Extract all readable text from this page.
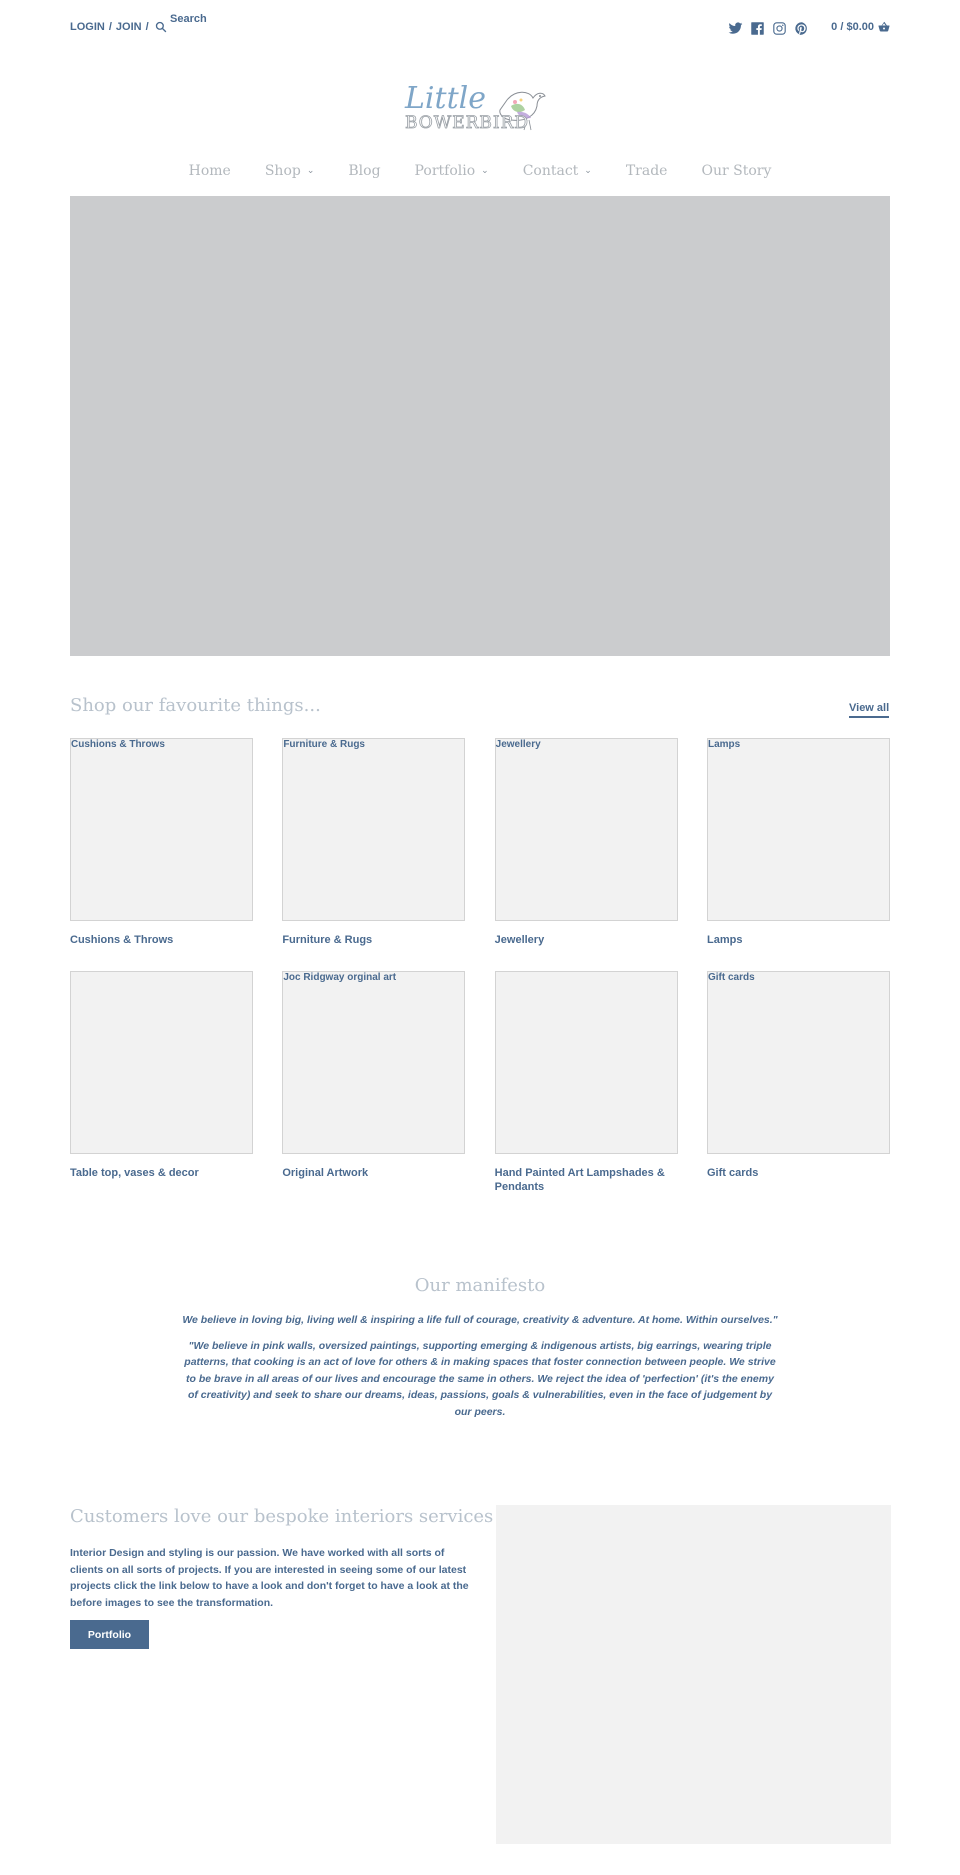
LOGIN / JOIN /
Search
0 / $0.00
Little
BOWERBIRD
Home Shop ⌄ Blog Portfolio ⌄ Contact ⌄ Trade Our Story
Shop our favourite things...	View all
Cushions & Throws
Cushions & Throws
Furniture & Rugs
Furniture & Rugs
Jewellery
Jewellery
Lamps
Lamps
Table top, vases & decor
Joc Ridgway orginal art
Original Artwork	Hand Painted Art Lampshades & Pendants
Gift cards
Gift cards
Our manifesto

We believe in loving big, living well & inspiring a life full of courage, creativity & adventure. At home. Within ourselves."

"We believe in pink walls, oversized paintings, supporting emerging & indigenous artists, big earrings, wearing triple patterns, that cooking is an act of love for others & in making spaces that foster connection between people. We strive to be brave in all areas of our lives and encourage the same in others. We reject the idea of 'perfection' (it's the enemy of creativity) and seek to share our dreams, ideas, passions, goals & vulnerabilities, even in the face of judgement by our peers.

Customers love our bespoke interiors services

Interior Design and styling is our passion. We have worked with all sorts of clients on all sorts of projects. If you are interested in seeing some of our latest projects click the link below to have a look and don't forget to have a look at the before images to see the transformation.

Portfolio
